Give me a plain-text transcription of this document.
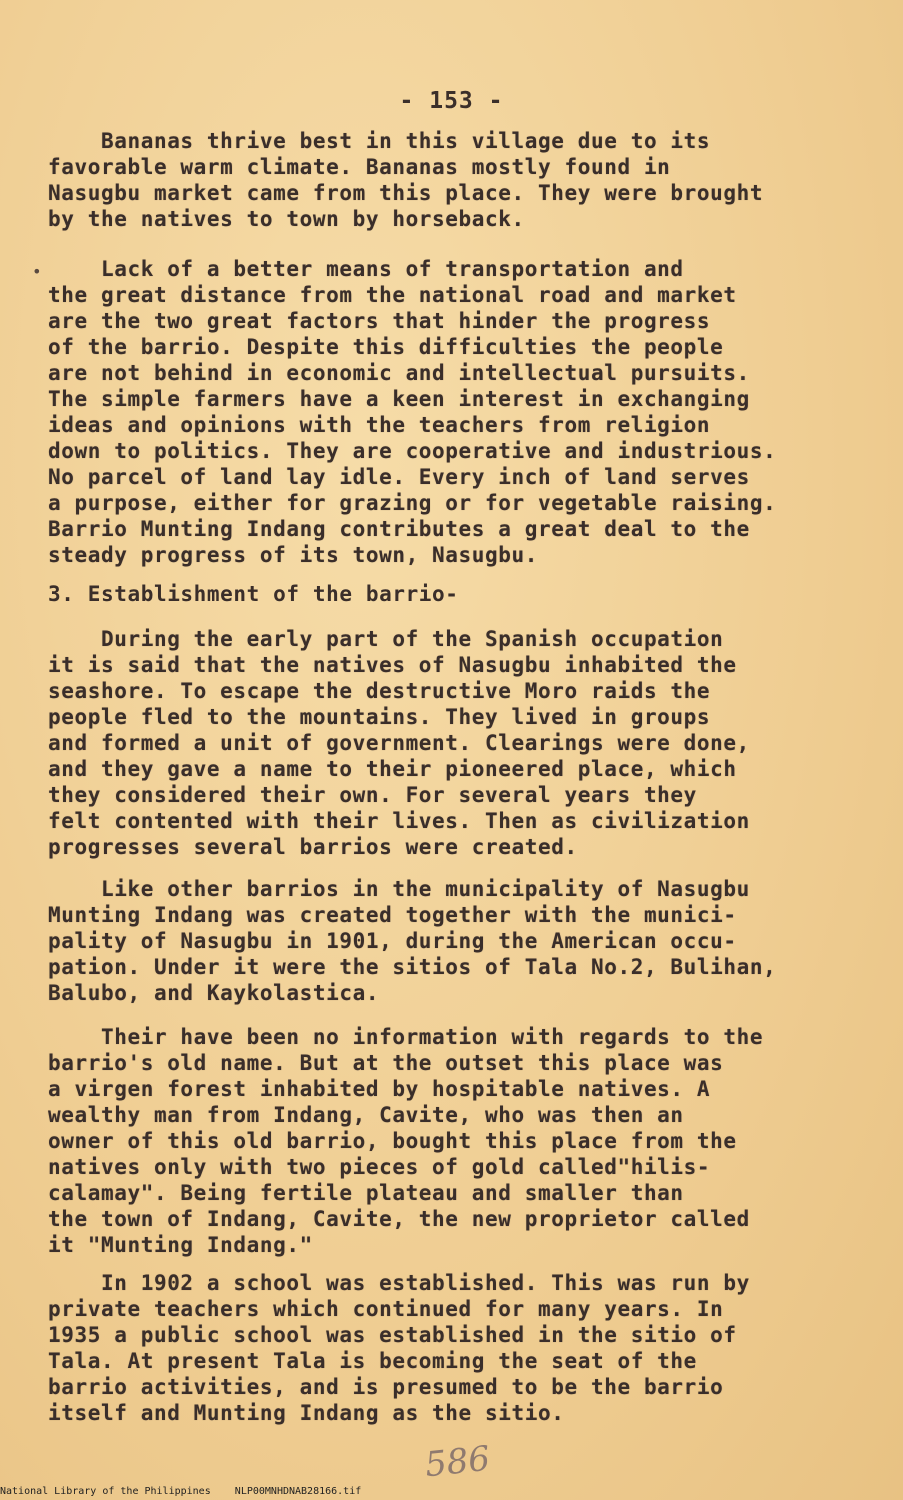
- 153 -

Bananas thrive best in this village due to its
favorable warm climate. Bananas mostly found in
Nasugbu market came from this place. They were brought
by the natives to town by horseback.

•	Lack of a better means of transportation and
the great distance from the national road and market
are the two great factors that hinder the progress
of the barrio. Despite this difficulties the people
are not behind in economic and intellectual pursuits.
The simple farmers have a keen interest in exchanging
ideas and opinions with the teachers from religion
down to politics. They are cooperative and industrious.
No parcel of land lay idle. Every inch of land serves
a purpose, either for grazing or for vegetable raising.
Barrio Munting Indang contributes a great deal to the
steady progress of its town, Nasugbu.

3. Establishment of the barrio-

During the early part of the Spanish occupation
it is said that the natives of Nasugbu inhabited the
seashore. To escape the destructive Moro raids the
people fled to the mountains. They lived in groups
and formed a unit of government. Clearings were done,
and they gave a name to their pioneered place, which
they considered their own. For several years they
felt contented with their lives. Then as civilization
progresses several barrios were created.

Like other barrios in the municipality of Nasugbu
Munting Indang was created together with the munici-
pality of Nasugbu in 1901, during the American occu-
pation. Under it were the sitios of Tala No.2, Bulihan,
Balubo, and Kaykolastica.

Their have been no information with regards to the
barrio's old name. But at the outset this place was
a virgen forest inhabited by hospitable natives. A
wealthy man from Indang, Cavite, who was then an
owner of this old barrio, bought this place from the
natives only with two pieces of gold called"hilis-
calamay". Being fertile plateau and smaller than
the town of Indang, Cavite, the new proprietor called
it "Munting Indang."

In 1902 a school was established. This was run by
private teachers which continued for many years. In
1935 a public school was established in the sitio of
Tala. At present Tala is becoming the seat of the
barrio activities, and is presumed to be the barrio
itself and Munting Indang as the sitio.

586
National Library of the Philippines    NLP00MNHDNAB28166.tif
